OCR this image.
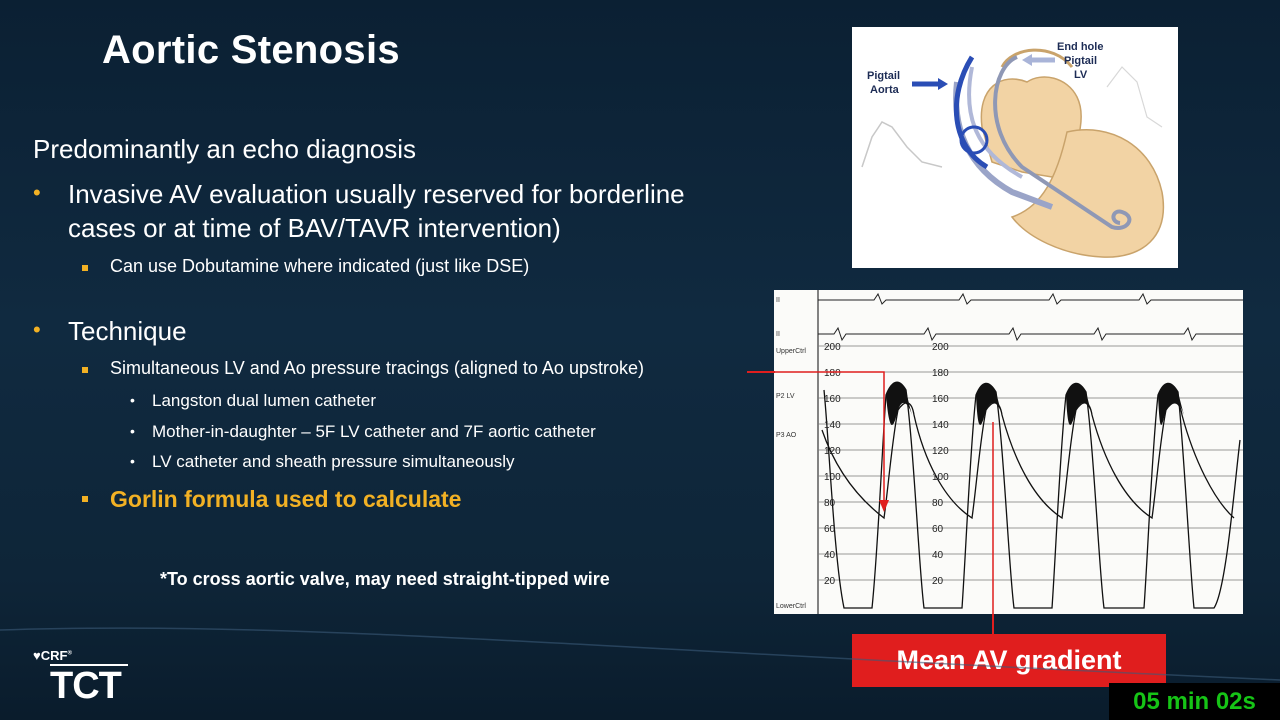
Aortic Stenosis
Predominantly an echo diagnosis
• Invasive AV evaluation usually reserved for borderline
cases or at time of BAV/TAVR intervention)
Can use Dobutamine where indicated (just like DSE)
• Technique
Simultaneous LV and Ao pressure tracings (aligned to Ao upstroke)
• Langston dual lumen catheter
• Mother-in-daughter – 5F LV catheter and 7F aortic catheter
• LV catheter and sheath pressure simultaneously
Gorlin formula used to calculate
*To cross aortic valve, may need straight-tipped wire
Pigtail
Aorta
End hole
Pigtail
LV
200	200
180	180
160	160
140	140
120	120
100	100
80	80
60	60
40	40
20	20
II
II
UpperCtrl
P2 LV
P3 AO
LowerCtrl
Mean AV gradient
♥CRF®
TCT	05 min 02s
